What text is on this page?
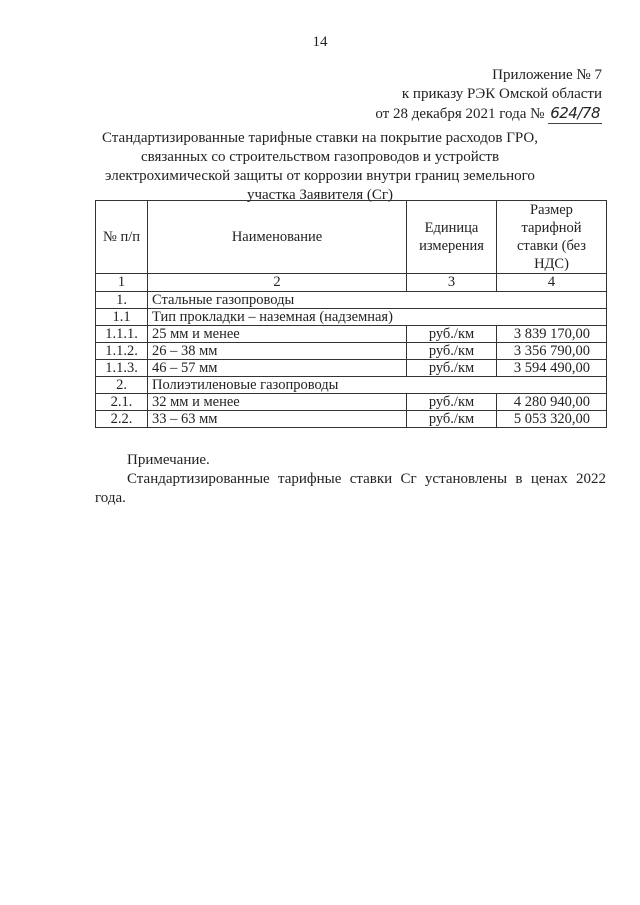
14
Приложение № 7
к приказу РЭК Омской области
от 28 декабря 2021 года № 624/78
Стандартизированные тарифные ставки на покрытие расходов ГРО, связанных со строительством газопроводов и устройств электрохимической защиты от коррозии внутри границ земельного участка Заявителя (Cг)
№ п/п	Наименование	Единица измерения	Размер тарифной ставки (без НДС)
1	2	3	4
1.	Стальные газопроводы		
1.1	Тип прокладки – наземная (надземная)		
1.1.1.	25 мм и менее	руб./км	3 839 170,00
1.1.2.	26 – 38 мм	руб./км	3 356 790,00
1.1.3.	46 – 57 мм	руб./км	3 594 490,00
2.	Полиэтиленовые газопроводы		
2.1.	32 мм и менее	руб./км	4 280 940,00
2.2.	33 – 63 мм	руб./км	5 053 320,00
Примечание.
Стандартизированные тарифные ставки Cг установлены в ценах 2022 года.
